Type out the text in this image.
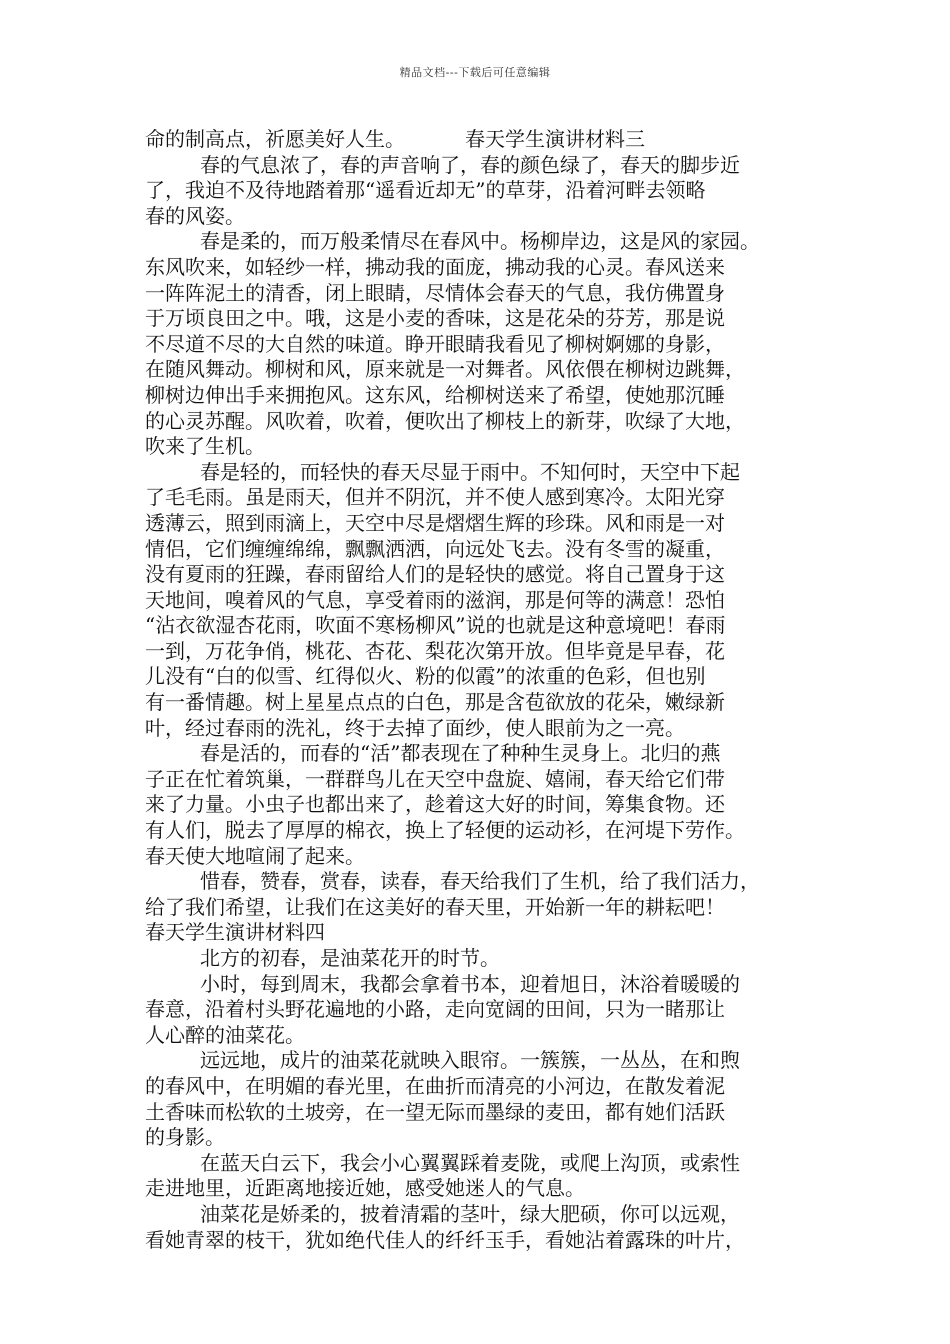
精品文档---下载后可任意编辑
命的制高点，祈愿美好人生。	春天学生演讲材料三
春的气息浓了，春的声音响了，春的颜色绿了，春天的脚步近
了，我迫不及待地踏着那“遥看近却无”的草芽，沿着河畔去领略
春的风姿。
春是柔的，而万般柔情尽在春风中。杨柳岸边，这是风的家园。
东风吹来，如轻纱一样，拂动我的面庞，拂动我的心灵。春风送来
一阵阵泥土的清香，闭上眼睛，尽情体会春天的气息，我仿佛置身
于万顷良田之中。哦，这是小麦的香味，这是花朵的芬芳，那是说
不尽道不尽的大自然的味道。睁开眼睛我看见了柳树婀娜的身影，
在随风舞动。柳树和风，原来就是一对舞者。风依偎在柳树边跳舞，
柳树边伸出手来拥抱风。这东风，给柳树送来了希望，使她那沉睡
的心灵苏醒。风吹着，吹着，便吹出了柳枝上的新芽，吹绿了大地，
吹来了生机。
春是轻的，而轻快的春天尽显于雨中。不知何时，天空中下起
了毛毛雨。虽是雨天，但并不阴沉，并不使人感到寒冷。太阳光穿
透薄云，照到雨滴上，天空中尽是熠熠生辉的珍珠。风和雨是一对
情侣，它们缠缠绵绵，飘飘洒洒，向远处飞去。没有冬雪的凝重，
没有夏雨的狂躁，春雨留给人们的是轻快的感觉。将自己置身于这
天地间，嗅着风的气息，享受着雨的滋润，那是何等的满意！恐怕
“沾衣欲湿杏花雨，吹面不寒杨柳风”说的也就是这种意境吧！春雨
一到，万花争俏，桃花、杏花、梨花次第开放。但毕竟是早春，花
儿没有“白的似雪、红得似火、粉的似霞”的浓重的色彩，但也别
有一番情趣。树上星星点点的白色，那是含苞欲放的花朵，嫩绿新
叶，经过春雨的洗礼，终于去掉了面纱，使人眼前为之一亮。
春是活的，而春的“活”都表现在了种种生灵身上。北归的燕
子正在忙着筑巢，一群群鸟儿在天空中盘旋、嬉闹，春天给它们带
来了力量。小虫子也都出来了，趁着这大好的时间，筹集食物。还
有人们，脱去了厚厚的棉衣，换上了轻便的运动衫，在河堤下劳作。
春天使大地喧闹了起来。
惜春，赞春，赏春，读春，春天给我们了生机，给了我们活力，
给了我们希望，让我们在这美好的春天里，开始新一年的耕耘吧！
春天学生演讲材料四
北方的初春，是油菜花开的时节。
小时，每到周末，我都会拿着书本，迎着旭日，沐浴着暖暖的
春意，沿着村头野花遍地的小路，走向宽阔的田间，只为一睹那让
人心醉的油菜花。
远远地，成片的油菜花就映入眼帘。一簇簇，一丛丛，在和煦
的春风中，在明媚的春光里，在曲折而清亮的小河边，在散发着泥
土香味而松软的土坡旁，在一望无际而墨绿的麦田，都有她们活跃
的身影。
在蓝天白云下，我会小心翼翼踩着麦陇，或爬上沟顶，或索性
走进地里，近距离地接近她，感受她迷人的气息。
油菜花是娇柔的，披着清霜的茎叶，绿大肥硕，你可以远观，
看她青翠的枝干，犹如绝代佳人的纤纤玉手，看她沾着露珠的叶片，
